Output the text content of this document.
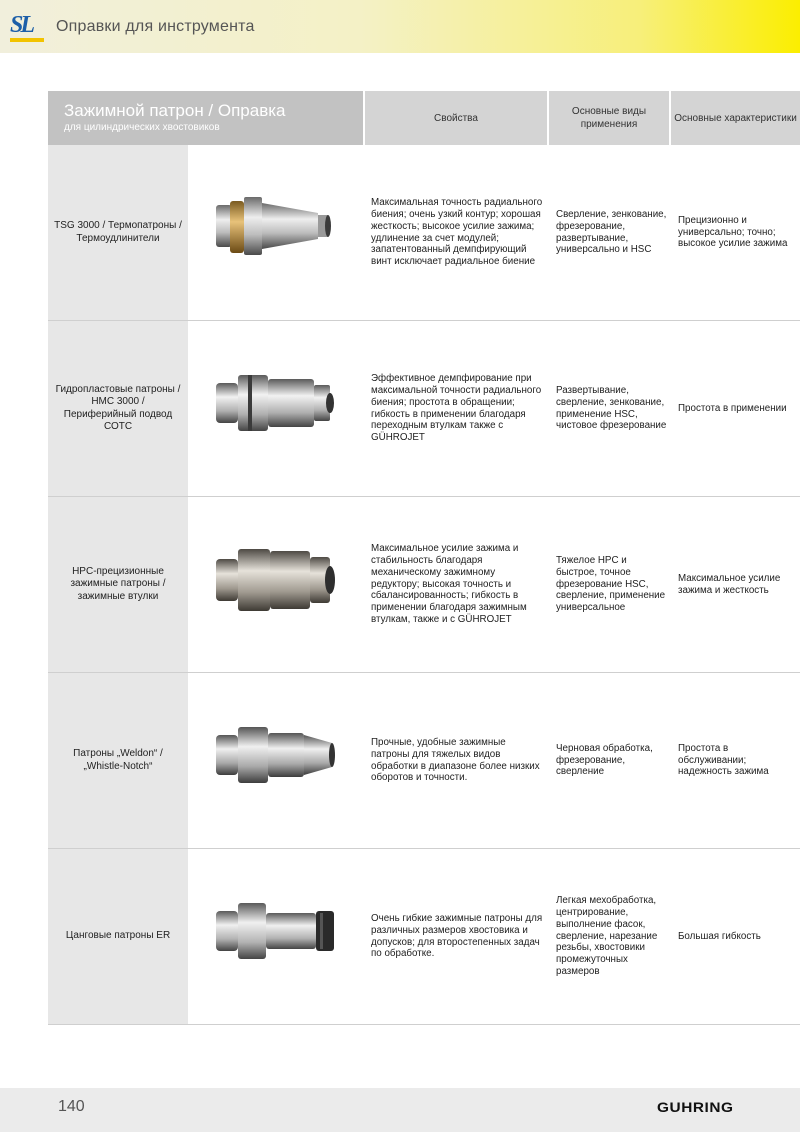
SL Оправки для инструмента
Зажимной патрон / Оправка
для цилиндрических хвостовиков
Свойства
Основные виды применения
Основные характеристики
TSG 3000 / Термопатроны / Термоудлинители
Максимальная точность радиального биения; очень узкий контур; хорошая жесткость; высокое усилие зажима; удлинение за счет модулей; запатентованный демпфирующий винт исключает радиальное биение
Сверление, зенкование, фрезерование, развертывание, универсально и HSC
Прецизионно и универсально; точно; высокое усилие зажима
Гидропластовые патроны / HMC 3000 / Периферийный подвод СОТС
Эффективное демпфирование при максимальной точности радиального биения; простота в обращении; гибкость в применении благодаря переходным втулкам также с GÜHROJET
Развертывание, сверление, зенкование, применение HSC, чистовое фрезерование
Простота в применении
HPC-прецизионные зажимные патроны / зажимные втулки
Максимальное усилие зажима и стабильность благодаря механическому зажимному редуктору; высокая точность и сбалансированность; гибкость в применении благодаря зажимным втулкам, также и с GÜHROJET
Тяжелое HPC и быстрое, точное фрезерование HSC, сверление, применение универсальное
Максимальное усилие зажима и жесткость
Патроны „Weldon“ / „Whistle-Notch“
Прочные, удобные зажимные патроны для тяжелых видов обработки в диапазоне более низких оборотов и точности.
Черновая обработка, фрезерование, сверление
Простота в обслуживании; надежность зажима
Цанговые патроны ER
Очень гибкие зажимные патроны для различных размеров хвостовика и допусков; для второстепенных задач по обработке.
Легкая мехобработка, центрирование, выполнение фасок, сверление, нарезание резьбы, хвостовики промежуточных размеров
Большая гибкость
140	GUHRING
